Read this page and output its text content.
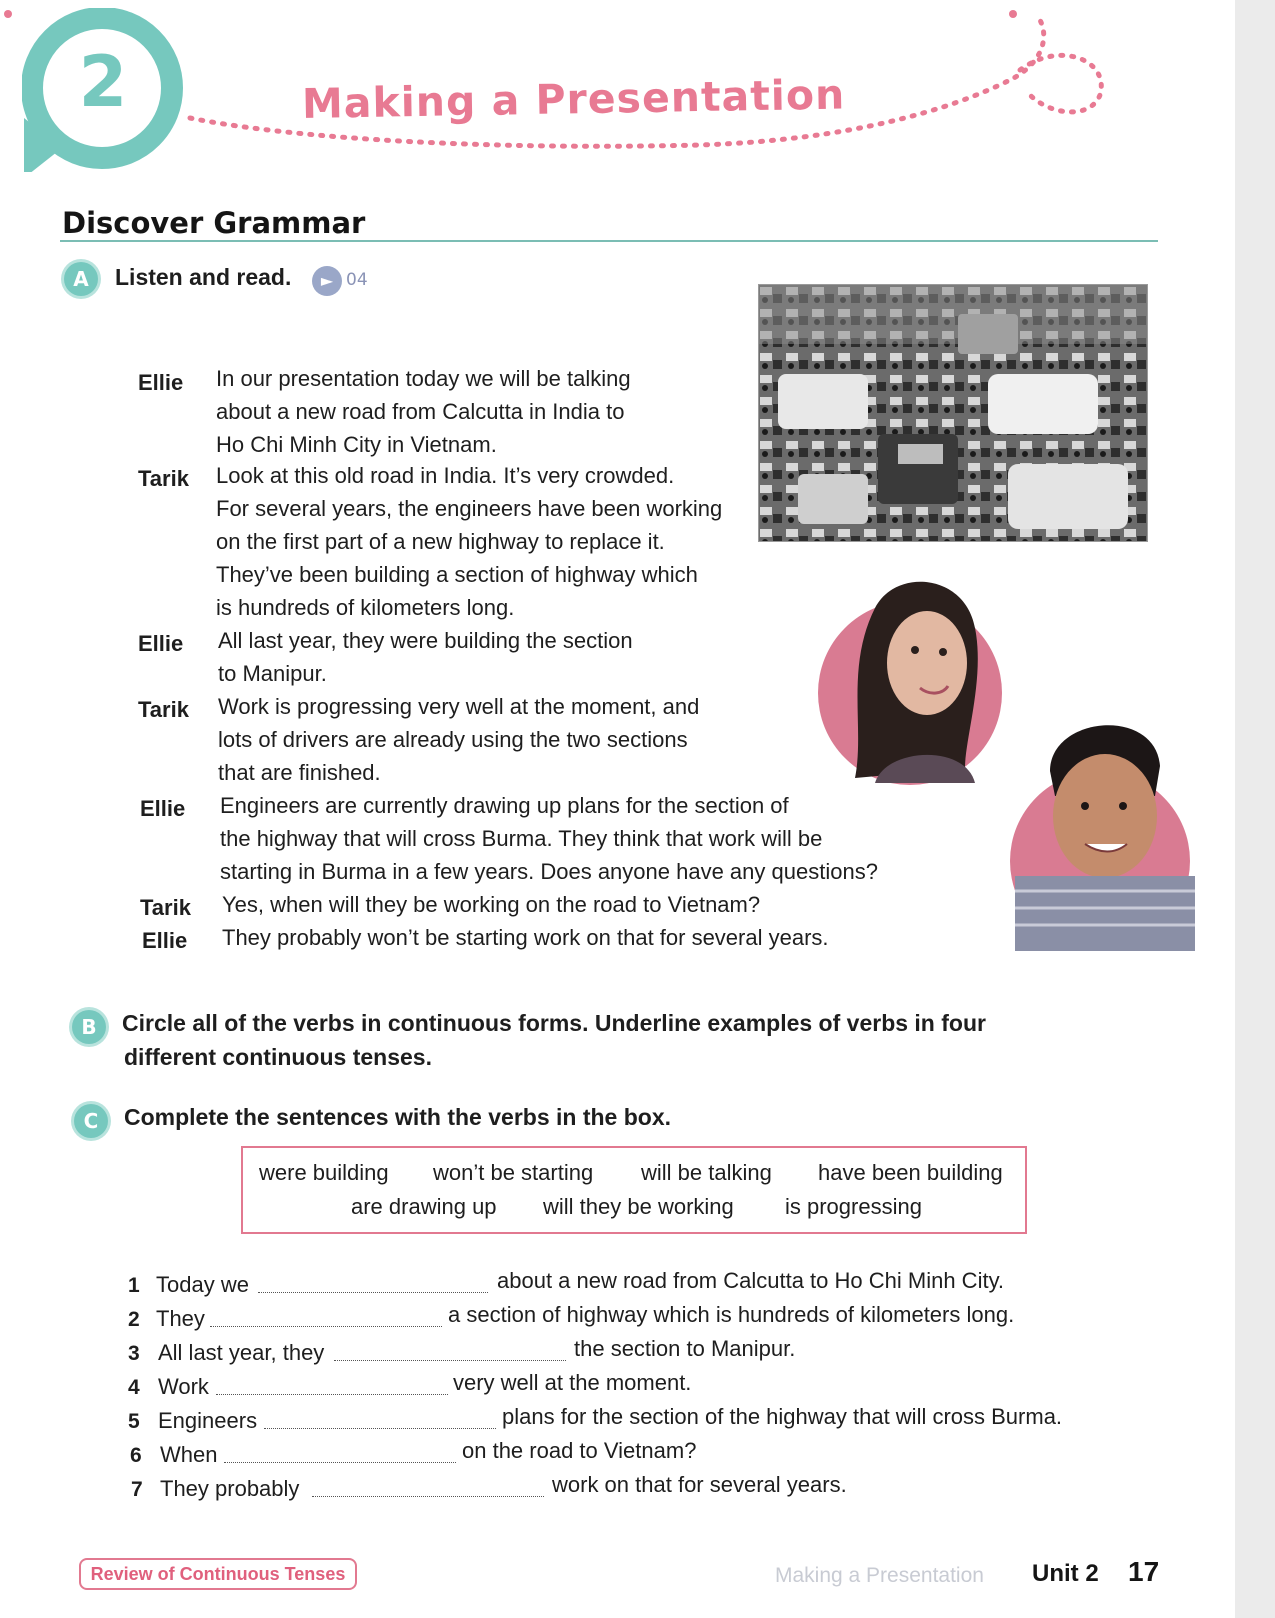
2	Making a Presentation
Discover Grammar
A	Listen and read.	► 04
Ellie In our presentation today we will be talking
about a new road from Calcutta in India to
Ho Chi Minh City in Vietnam.
Tarik Look at this old road in India. It’s very crowded.
For several years, the engineers have been working
on the first part of a new highway to replace it.
They’ve been building a section of highway which
is hundreds of kilometers long.
Ellie All last year, they were building the section
to Manipur.
Tarik Work is progressing very well at the moment, and
lots of drivers are already using the two sections
that are finished.
Ellie Engineers are currently drawing up plans for the section of
the highway that will cross Burma. They think that work will be
starting in Burma in a few years. Does anyone have any questions?
Tarik Yes, when will they be working on the road to Vietnam?
Ellie They probably won’t be starting work on that for several years.
B	Circle all of the verbs in continuous forms. Underline examples of verbs in four

different continuous tenses.

C	Complete the sentences with the verbs in the box.

were building won’t be starting will be talking have been building
are drawing up will they be working is progressing
1 Today we	about a new road from Calcutta to Ho Chi Minh City.
2 They	a section of highway which is hundreds of kilometers long.
3 All last year, they	the section to Manipur.
4 Work	very well at the moment.
5 Engineers	plans for the section of the highway that will cross Burma.
6 When	on the road to Vietnam?
7 They probably	work on that for several years.
Review of Continuous Tenses	Making a Presentation Unit 2 17
